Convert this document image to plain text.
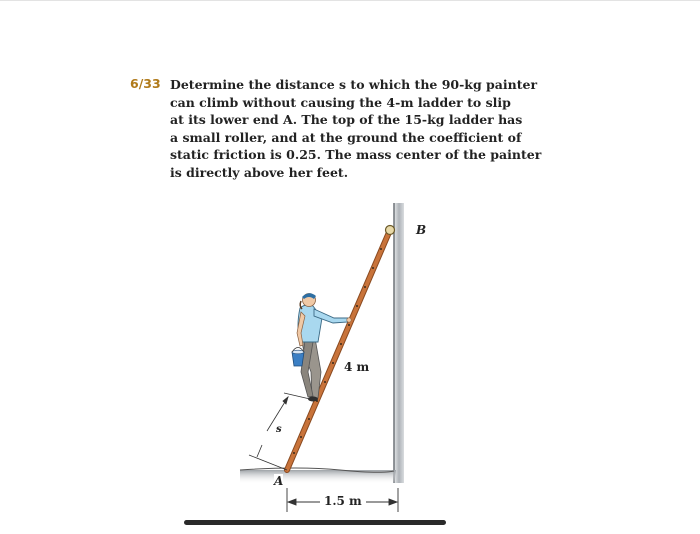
6/33 Determine the distance s to which the 90-kg painter
can climb without causing the 4-m ladder to slip
at its lower end A. The top of the 15-kg ladder has
a small roller, and at the ground the coefficient of
static friction is 0.25. The mass center of the painter
is directly above her feet.
B
A
4 m
1.5 m
s
